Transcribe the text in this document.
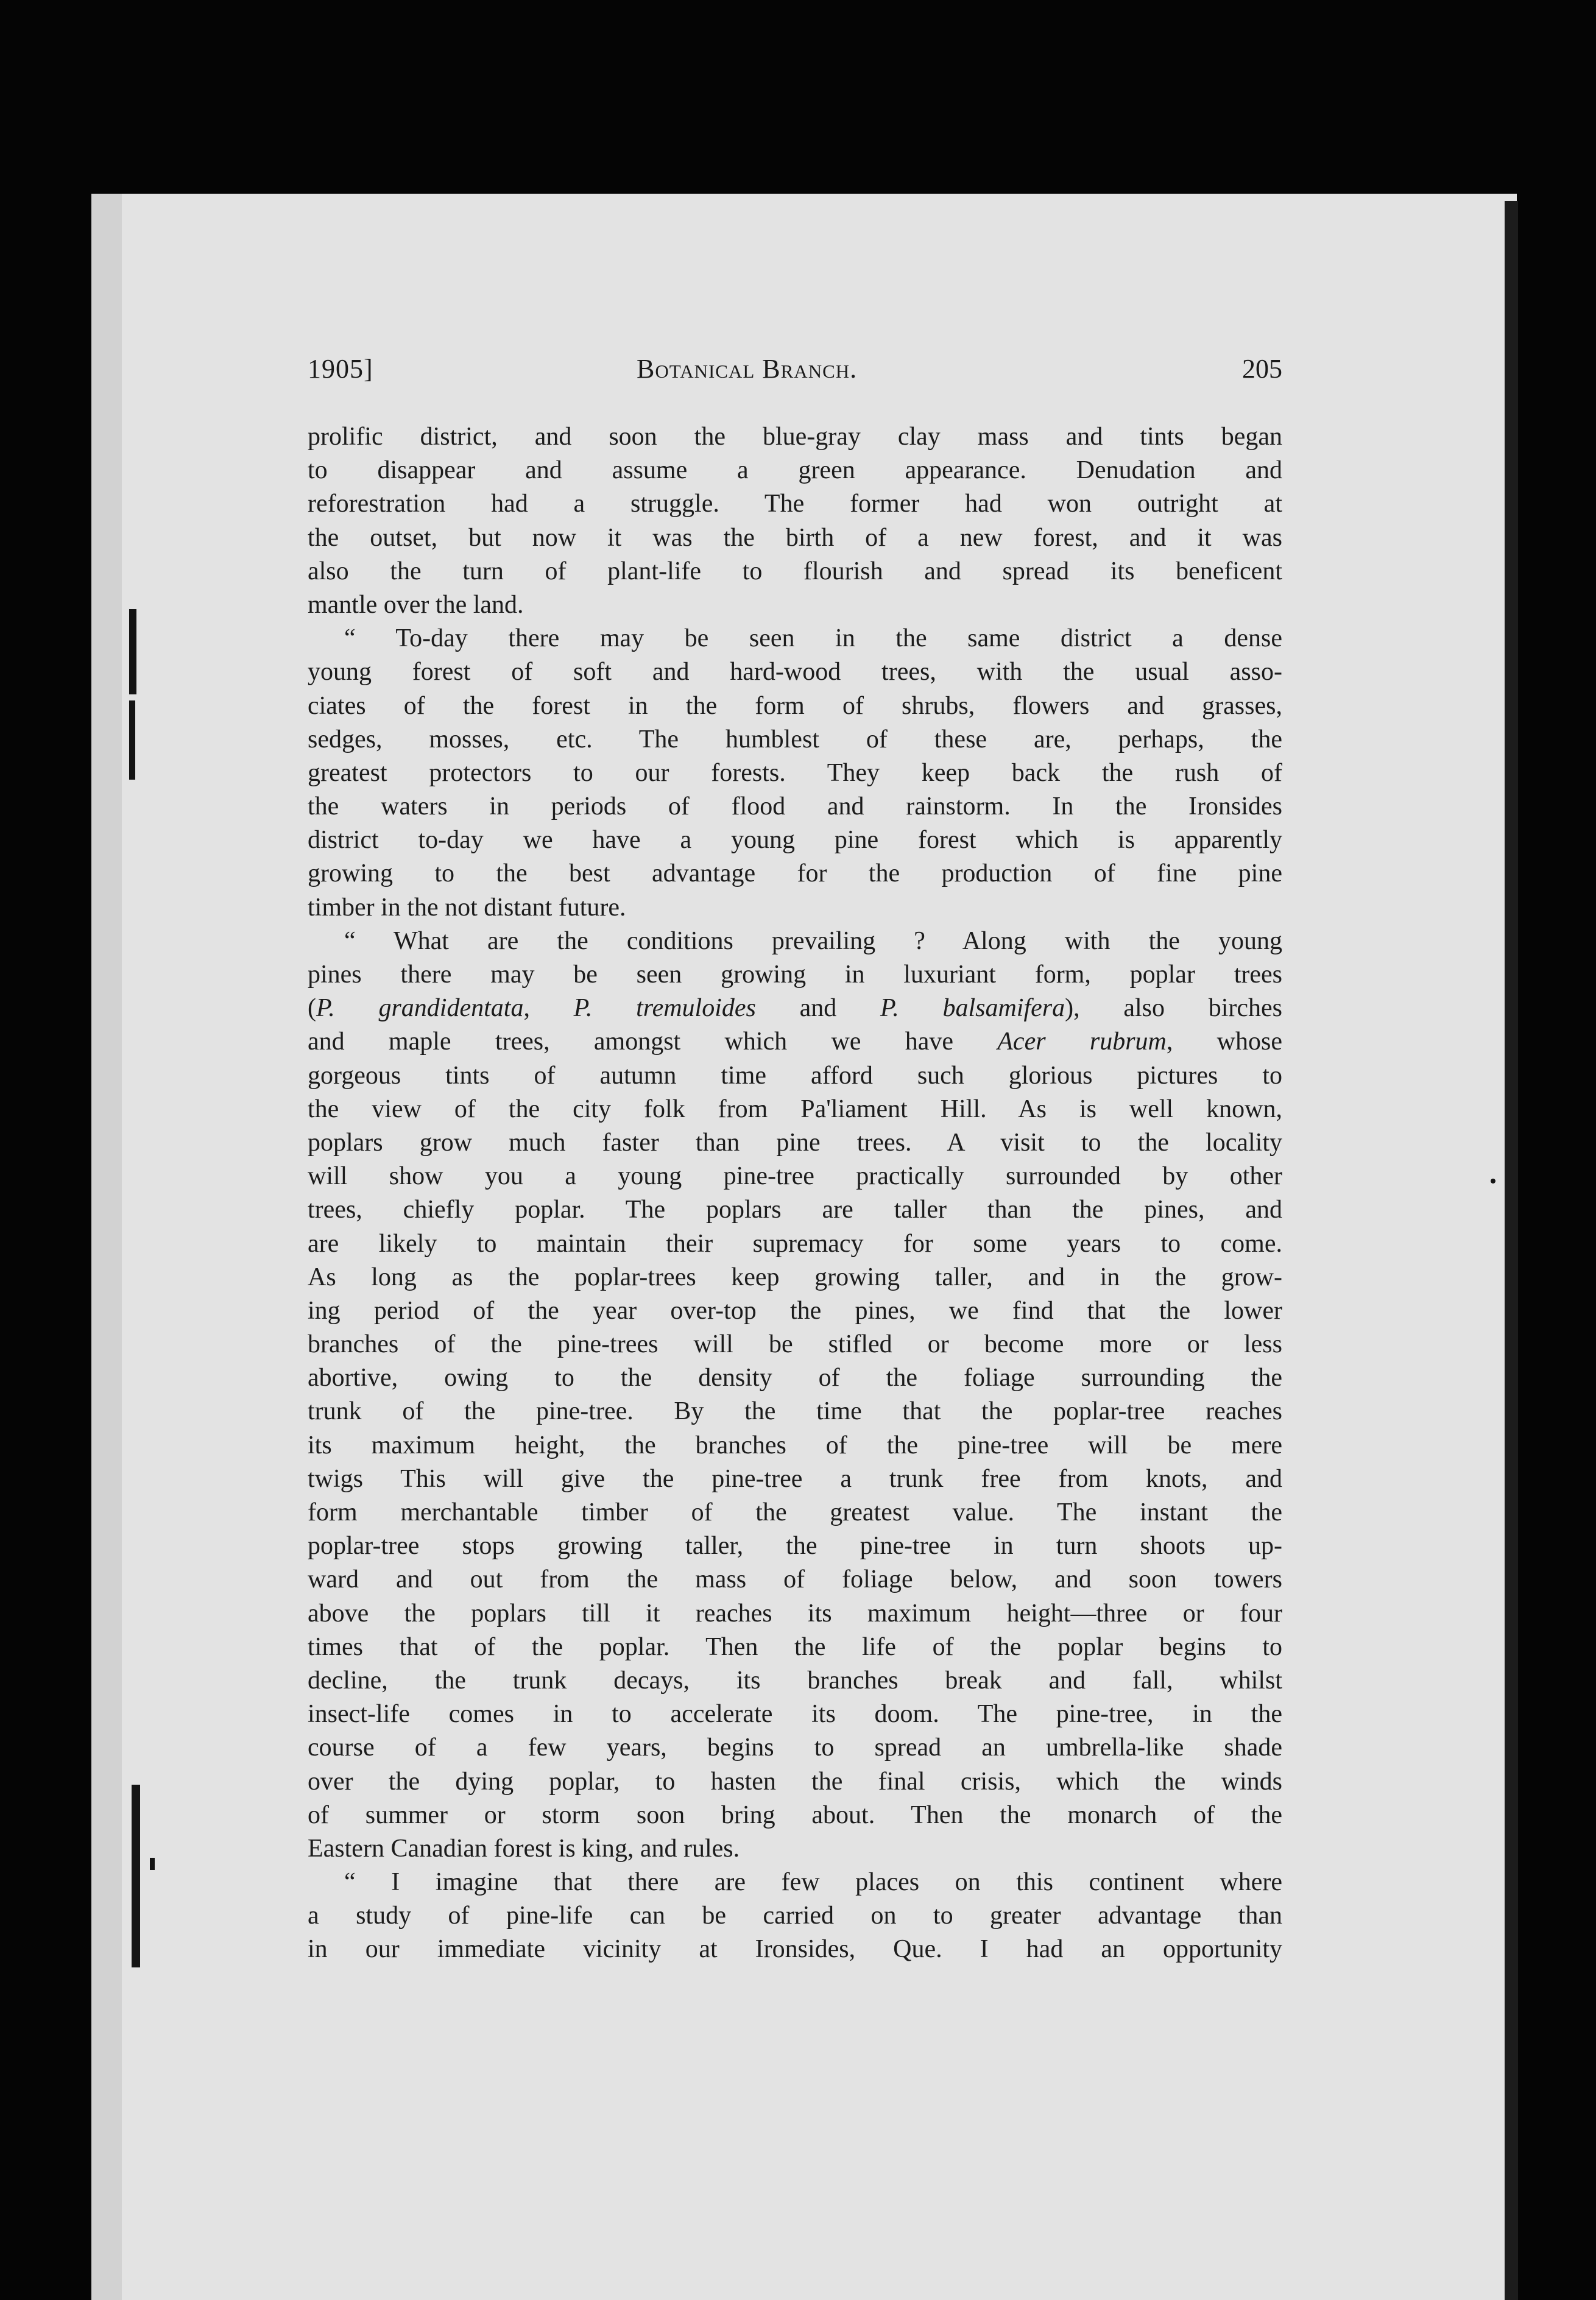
1905]	Botanical Branch.	205
prolific district, and soon the blue-gray clay mass and tints began
to disappear and assume a green appearance. Denudation and
reforestration had a struggle. The former had won outright at
the outset, but now it was the birth of a new forest, and it was
also the turn of plant-life to flourish and spread its beneficent
mantle over the land.
“ To-day there may be seen in the same district a dense
young forest of soft and hard-wood trees, with the usual asso-
ciates of the forest in the form of shrubs, flowers and grasses,
sedges, mosses, etc. The humblest of these are, perhaps, the
greatest protectors to our forests. They keep back the rush of
the waters in periods of flood and rainstorm. In the Ironsides
district to-day we have a young pine forest which is apparently
growing to the best advantage for the production of fine pine
timber in the not distant future.
“ What are the conditions prevailing ? Along with the young
pines there may be seen growing in luxuriant form, poplar trees
(P. grandidentata, P. tremuloides and P. balsamifera), also birches
and maple trees, amongst which we have Acer rubrum, whose
gorgeous tints of autumn time afford such glorious pictures to
the view of the city folk from Pa'liament Hill. As is well known,
poplars grow much faster than pine trees. A visit to the locality
will show you a young pine-tree practically surrounded by other
trees, chiefly poplar. The poplars are taller than the pines, and
are likely to maintain their supremacy for some years to come.
As long as the poplar-trees keep growing taller, and in the grow-
ing period of the year over-top the pines, we find that the lower
branches of the pine-trees will be stifled or become more or less
abortive, owing to the density of the foliage surrounding the
trunk of the pine-tree. By the time that the poplar-tree reaches
its maximum height, the branches of the pine-tree will be mere
twigs This will give the pine-tree a trunk free from knots, and
form merchantable timber of the greatest value. The instant the
poplar-tree stops growing taller, the pine-tree in turn shoots up-
ward and out from the mass of foliage below, and soon towers
above the poplars till it reaches its maximum height—three or four
times that of the poplar. Then the life of the poplar begins to
decline, the trunk decays, its branches break and fall, whilst
insect-life comes in to accelerate its doom. The pine-tree, in the
course of a few years, begins to spread an umbrella-like shade
over the dying poplar, to hasten the final crisis, which the winds
of summer or storm soon bring about. Then the monarch of the
Eastern Canadian forest is king, and rules.
“ I imagine that there are few places on this continent where
a study of pine-life can be carried on to greater advantage than
in our immediate vicinity at Ironsides, Que. I had an opportunity
